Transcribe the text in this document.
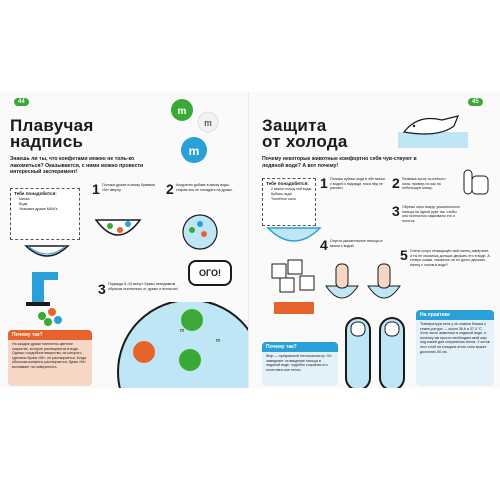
44
m
m
m
Плавучая
надпись
Знаешь ли ты, что конфетами можно не толь-ко лакомиться? Оказывается, с ними можно провести интересный эксперимент!
Тебе понадобятся:
• Миска
• Вода
• Упаковка драже M&M's
1 Положи драже в миску буквами «M» кверху.	2 Аккуратно добавь в миску воды, старая-ясь не попадать на драже.
3 Подожди 5–10 минут. Буквы невидимым образом отклеились от драже и всплыли!
ОГО!
m
m
Почему так?
На каждое драже нанесены цветное покрытие, которое растворяется в воде. Однако съедобное вещество, из которого сделаны буквы «M», не растворяется. Когда оболочка конфеты растворяется, буква «M» всплывает на поверхность.
45
Защита
от холода
Почему некоторые животные комфортно себя чув-ствуют в ледяной воде? А вот почему!
Тебе понадобятся:
• 2 миски холод-ной воды
• Кубики льда
• Топлёное сало
1 Положи кубики льда в обе миски с водой и подожди, пока лёд не растает.	2 Размажь кусок то-плёного сала, пример-но как на небольшую миску.
3 Обрежь сало вокруг указательного пальца на одной руке так, чтобы оно полностью закрывало его и ноготок.
4 Опусти указательные пальцы в миски с водой.
5 Очень скоро незащищён-ный палец замёрзнет, и ты не сможешь дольше держать его в воде. А теперь скажи, сможешь ли ты долго держать палец с салом в воде?
Почему так?
Жир — прекрасный теплоизолятор. Он замедляет охлаждение пальца в ледяной воде, подобно сохраняя его естествен-ное тепло.
На практике
Температура тела у че-ловека близка к темпе-ратуре — около 36,6 и 37,0 °C. Хотя часть животных в ледяной воде, и поэтому им просто необходим свой жир под кожей для сохранения тепла. У китов этот слой на толщина этого слоя может достигать 50 см.
